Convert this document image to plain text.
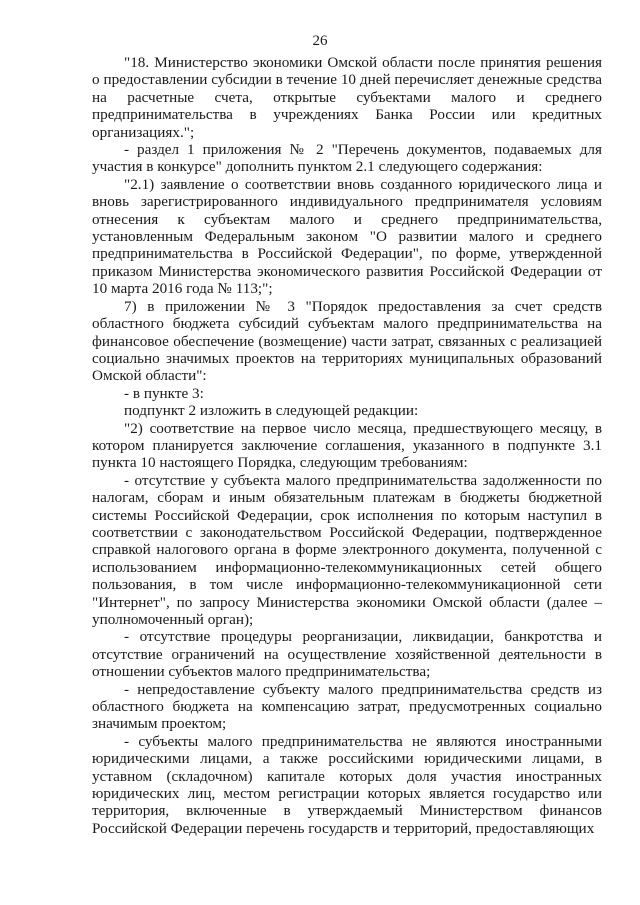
26

"18. Министерство экономики Омской области после принятия решения о предоставлении субсидии в течение 10 дней перечисляет денежные средства на расчетные счета, открытые субъектами малого и среднего предпринимательства в учреждениях Банка России или кредитных организациях.";

- раздел 1 приложения № 2 "Перечень документов, подаваемых для участия в конкурсе" дополнить пунктом 2.1 следующего содержания:

"2.1) заявление о соответствии вновь созданного юридического лица и вновь зарегистрированного индивидуального предпринимателя условиям отнесения к субъектам малого и среднего предпринимательства, установленным Федеральным законом "О развитии малого и среднего предпринимательства в Российской Федерации", по форме, утвержденной приказом Министерства экономического развития Российской Федерации от 10 марта 2016 года № 113;";

7) в приложении № 3 "Порядок предоставления за счет средств областного бюджета субсидий субъектам малого предпринимательства на финансовое обеспечение (возмещение) части затрат, связанных с реализацией социально значимых проектов на территориях муниципальных образований Омской области":

- в пункте 3:

подпункт 2 изложить в следующей редакции:

"2) соответствие на первое число месяца, предшествующего месяцу, в котором планируется заключение соглашения, указанного в подпункте 3.1 пункта 10 настоящего Порядка, следующим требованиям:

- отсутствие у субъекта малого предпринимательства задолженности по налогам, сборам и иным обязательным платежам в бюджеты бюджетной системы Российской Федерации, срок исполнения по которым наступил в соответствии с законодательством Российской Федерации, подтвержденное справкой налогового органа в форме электронного документа, полученной с использованием информационно-телекоммуникационных сетей общего пользования, в том числе информационно-телекоммуникационной сети "Интернет", по запросу Министерства экономики Омской области (далее – уполномоченный орган);

- отсутствие процедуры реорганизации, ликвидации, банкротства и отсутствие ограничений на осуществление хозяйственной деятельности в отношении субъектов малого предпринимательства;

- непредоставление субъекту малого предпринимательства средств из областного бюджета на компенсацию затрат, предусмотренных социально значимым проектом;

- субъекты малого предпринимательства не являются иностранными юридическими лицами, а также российскими юридическими лицами, в уставном (складочном) капитале которых доля участия иностранных юридических лиц, местом регистрации которых является государство или территория, включенные в утверждаемый Министерством финансов Российской Федерации перечень государств и территорий, предоставляющих
